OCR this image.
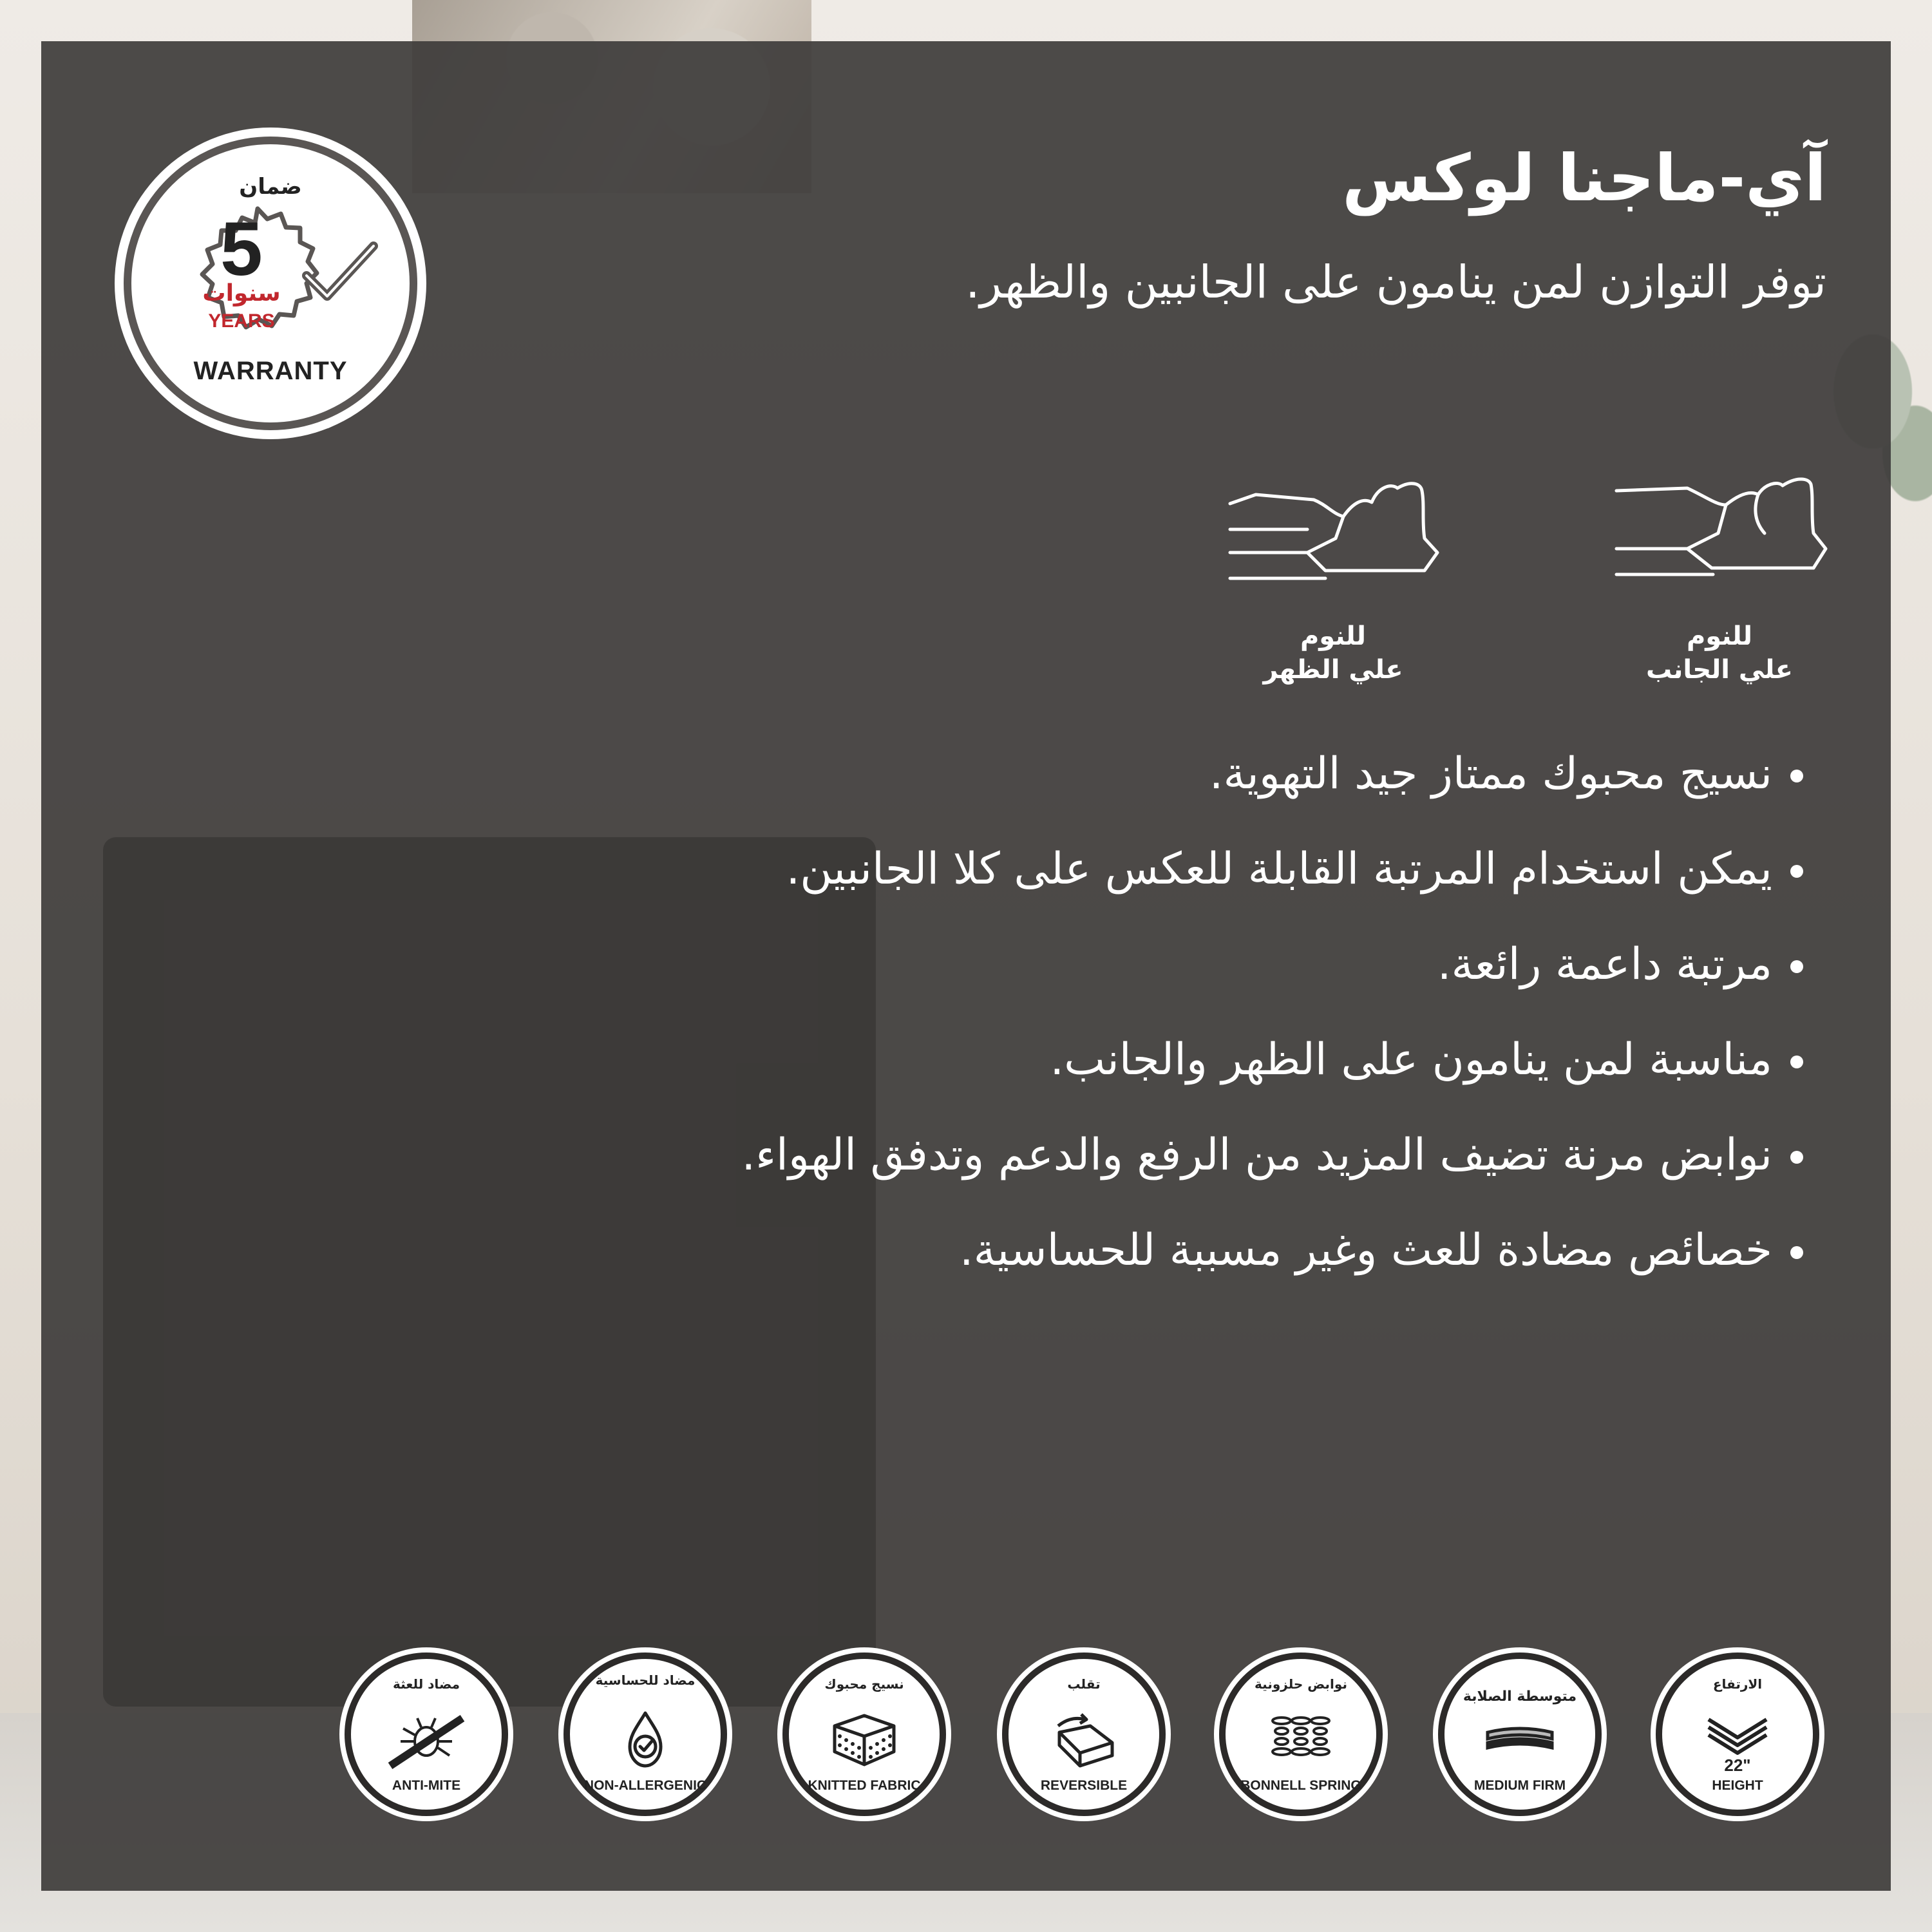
ضمان
5
سنوات
YEARS
WARRANTY
آي-ماجنا لوكس
توفر التوازن لمن ينامون على الجانبين والظهر.
للنوم
علي الجانب
للنوم
علي الظهر
نسيج محبوك ممتاز جيد التهوية.
يمكن استخدام المرتبة القابلة للعكس على كلا الجانبين.
مرتبة داعمة رائعة.
مناسبة لمن ينامون على الظهر والجانب.
نوابض مرنة تضيف المزيد من الرفع والدعم وتدفق الهواء.
خصائص مضادة للعث وغير مسببة للحساسية.
الارتفاع
22"
HEIGHT
متوسطة الصلابة
MEDIUM FIRM
نوابض حلزونية
BONNELL SPRING
تقلب
REVERSIBLE
نسيج محبوك
KNITTED FABRIC
مضاد للحساسية
NON-ALLERGENIC
مضاد للعثة
ANTI-MITE
